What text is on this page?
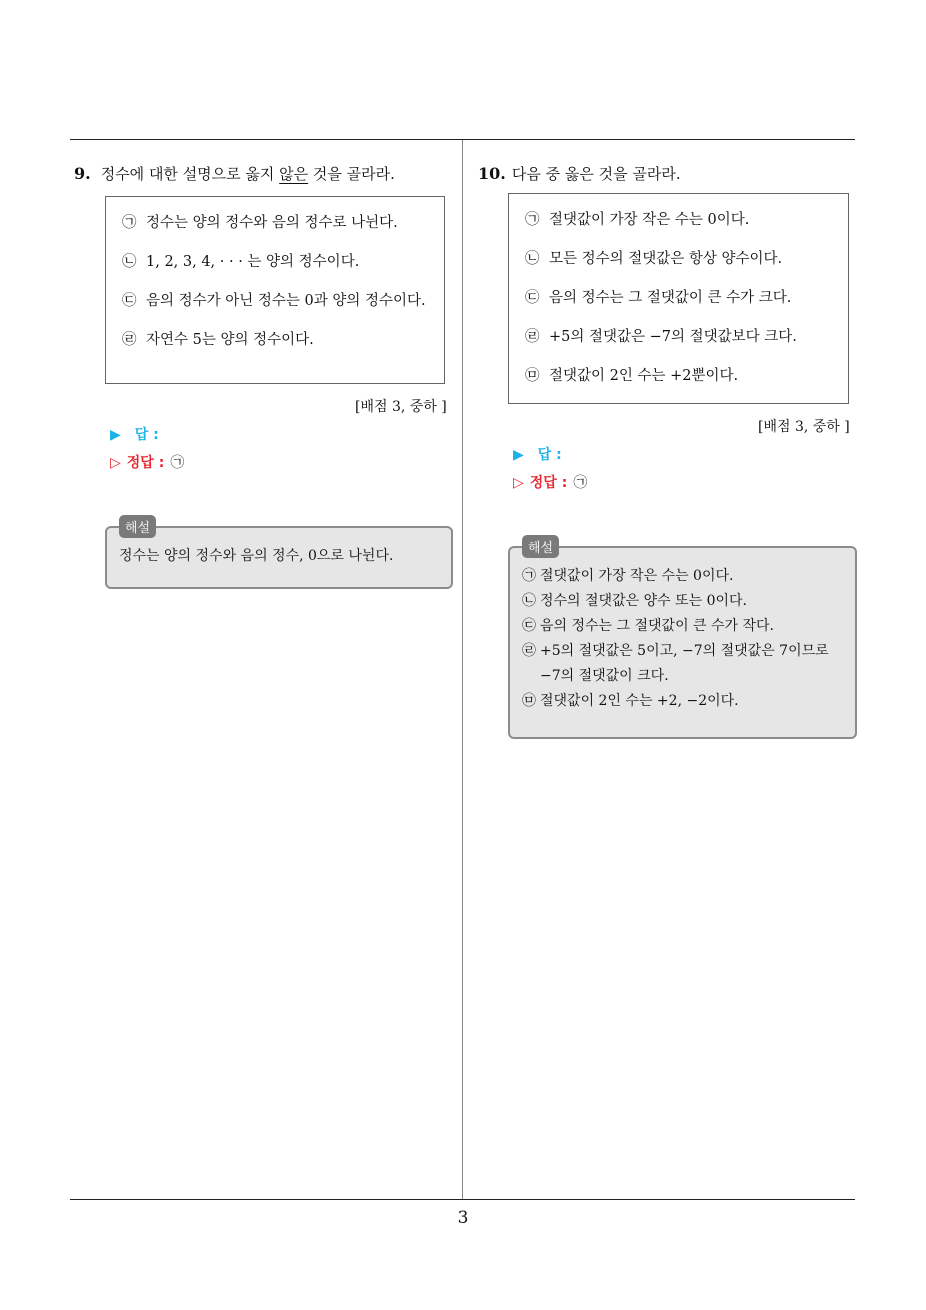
9. 정수에 대한 설명으로 옳지 않은 것을 골라라.
㉠ 정수는 양의 정수와 음의 정수로 나뉜다.
㉡ 1, 2, 3, 4, · · · 는 양의 정수이다.
㉢ 음의 정수가 아닌 정수는 0과 양의 정수이다.
㉣ 자연수 5는 양의 정수이다.
[배점 3, 중하 ]
▶ 답 :
▷ 정답 : ㉠
해설
정수는 양의 정수와 음의 정수, 0으로 나뉜다.
10. 다음 중 옳은 것을 골라라.
㉠ 절댓값이 가장 작은 수는 0이다.
㉡ 모든 정수의 절댓값은 항상 양수이다.
㉢ 음의 정수는 그 절댓값이 큰 수가 크다.
㉣ +5의 절댓값은 −7의 절댓값보다 크다.
㉤ 절댓값이 2인 수는 +2뿐이다.
[배점 3, 중하 ]
▶ 답 :
▷ 정답 : ㉠
해설
㉠ 절댓값이 가장 작은 수는 0이다.
㉡ 정수의 절댓값은 양수 또는 0이다.
㉢ 음의 정수는 그 절댓값이 큰 수가 작다.
㉣ +5의 절댓값은 5이고, −7의 절댓값은 7이므로 −7의 절댓값이 크다.
㉤ 절댓값이 2인 수는 +2, −2이다.
3
